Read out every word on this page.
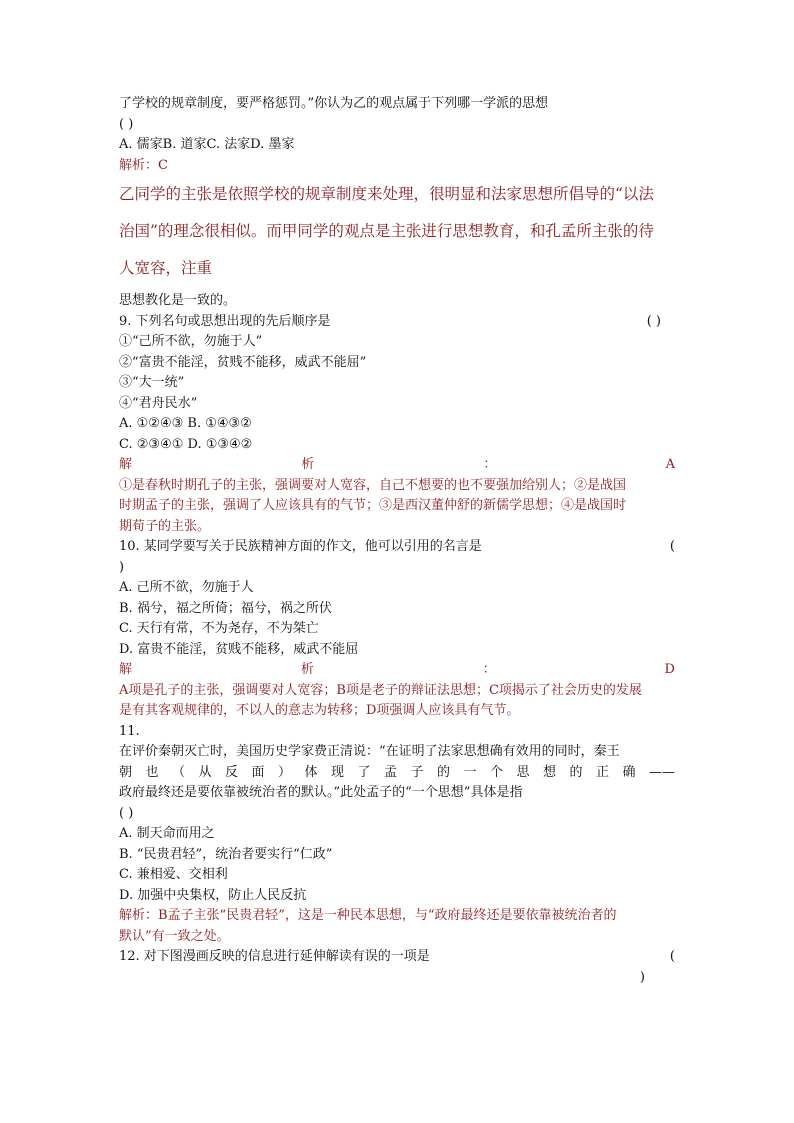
了学校的规章制度，要严格惩罚。”你认为乙的观点属于下列哪一学派的思想
( )
A. 儒家B. 道家C. 法家D. 墨家
解析：C
乙同学的主张是依照学校的规章制度来处理，很明显和法家思想所倡导的“以法
治国”的理念很相似。而甲同学的观点是主张进行思想教育，和孔孟所主张的待
人宽容，注重
思想教化是一致的。
9. 下列名句或思想出现的先后顺序是	( )
①“己所不欲，勿施于人”
②“富贵不能淫，贫贱不能移，威武不能屈”
③“大一统”
④“君舟民水”
A. ①②④③ B. ①④③②
C. ②③④① D. ①③④②
解	析	：	A
①是春秋时期孔子的主张，强调要对人宽容，自己不想要的也不要强加给别人；②是战国
时期孟子的主张，强调了人应该具有的气节；③是西汉董仲舒的新儒学思想；④是战国时
期荀子的主张。
10. 某同学要写关于民族精神方面的作文，他可以引用的名言是	(
)
A. 己所不欲，勿施于人
B. 祸兮，福之所倚；福兮，祸之所伏
C. 天行有常，不为尧存，不为桀亡
D. 富贵不能淫，贫贱不能移，威武不能屈
解	析	：	D
A项是孔子的主张，强调要对人宽容；B项是老子的辩证法思想；C项揭示了社会历史的发展
是有其客观规律的，不以人的意志为转移；D项强调人应该具有气节。
11.
在评价秦朝灭亡时，美国历史学家费正清说：“在证明了法家思想确有效用的同时，秦王
朝 也 （ 从 反 面 ） 体 现 了 孟 子 的 一 个 思 想 的 正 确 ——
政府最终还是要依靠被统治者的默认。”此处孟子的“一个思想”具体是指
( )
A. 制天命而用之
B. “民贵君轻”，统治者要实行“仁政”
C. 兼相爱、交相利
D. 加强中央集权，防止人民反抗
解析：B孟子主张“民贵君轻”，这是一种民本思想，与“政府最终还是要依靠被统治者的
默认”有一致之处。
12. 对下图漫画反映的信息进行延伸解读有误的一项是	(
)
